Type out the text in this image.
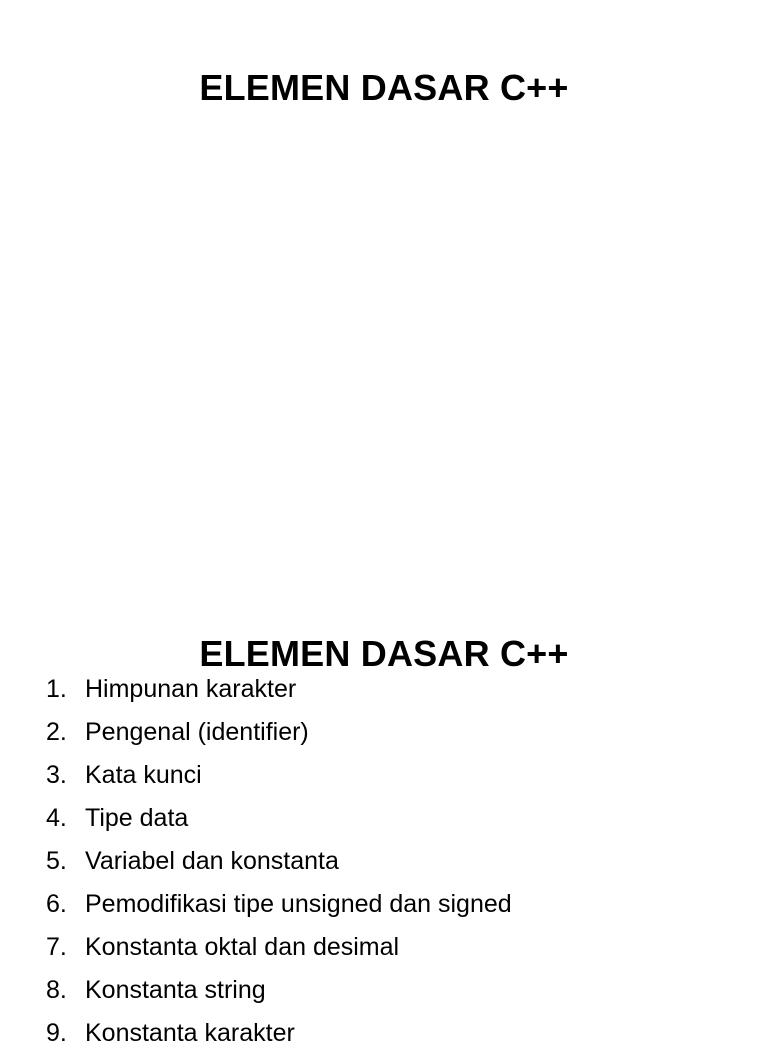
ELEMEN DASAR C++
ELEMEN DASAR C++
1. Himpunan karakter
2. Pengenal (identifier)
3. Kata kunci
4. Tipe data
5. Variabel dan konstanta
6. Pemodifikasi tipe unsigned dan signed
7. Konstanta oktal dan desimal
8. Konstanta string
9. Konstanta karakter
